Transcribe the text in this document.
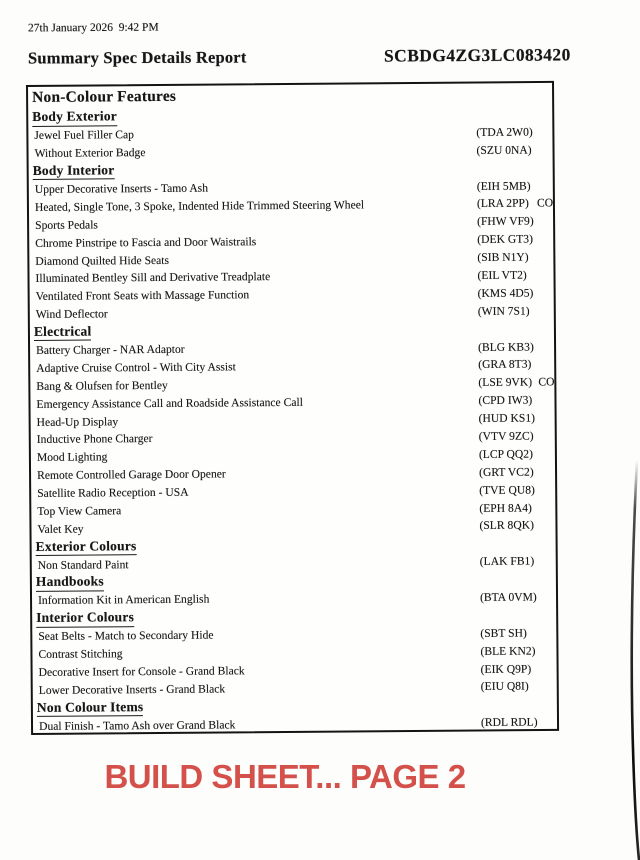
27th January 2026  9:42 PM
Summary Spec Details Report	SCBDG4ZG3LC083420
Non-Colour Features
Body Exterior
Jewel Fuel Filler Cap	(TDA 2W0)
Without Exterior Badge	(SZU 0NA)
Body Interior
Upper Decorative Inserts - Tamo Ash	(EIH 5MB)
Heated, Single Tone, 3 Spoke, Indented Hide Trimmed Steering Wheel	(LRA 2PP) CO
Sports Pedals	(FHW VF9)
Chrome Pinstripe to Fascia and Door Waistrails	(DEK GT3)
Diamond Quilted Hide Seats	(SIB N1Y)
Illuminated Bentley Sill and Derivative Treadplate	(EIL VT2)
Ventilated Front Seats with Massage Function	(KMS 4D5)
Wind Deflector	(WIN 7S1)
Electrical
Battery Charger - NAR Adaptor	(BLG KB3)
Adaptive Cruise Control - With City Assist	(GRA 8T3)
Bang & Olufsen for Bentley	(LSE 9VK) CO
Emergency Assistance Call and Roadside Assistance Call	(CPD IW3)
Head-Up Display	(HUD KS1)
Inductive Phone Charger	(VTV 9ZC)
Mood Lighting	(LCP QQ2)
Remote Controlled Garage Door Opener	(GRT VC2)
Satellite Radio Reception - USA	(TVE QU8)
Top View Camera	(EPH 8A4)
Valet Key	(SLR 8QK)
Exterior Colours
Non Standard Paint	(LAK FB1)
Handbooks
Information Kit in American English	(BTA 0VM)
Interior Colours
Seat Belts - Match to Secondary Hide	(SBT SH)
Contrast Stitching	(BLE KN2)
Decorative Insert for Console - Grand Black	(EIK Q9P)
Lower Decorative Inserts - Grand Black	(EIU Q8I)
Non Colour Items
Dual Finish - Tamo Ash over Grand Black	(RDL RDL)
BUILD SHEET... PAGE 2
